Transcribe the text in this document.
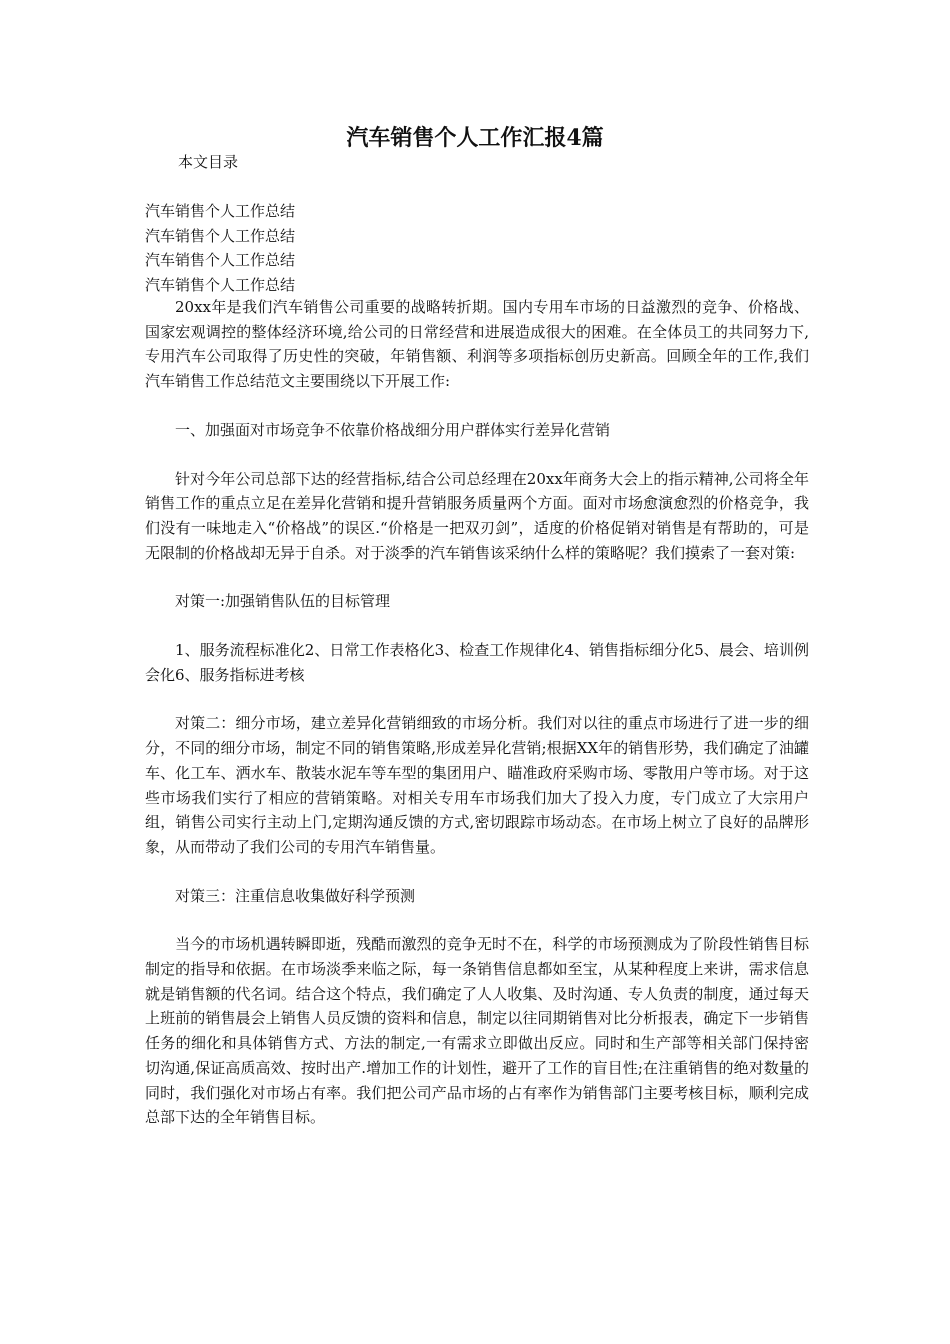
汽车销售个人工作汇报4篇
本文目录
汽车销售个人工作总结
汽车销售个人工作总结
汽车销售个人工作总结
汽车销售个人工作总结

20xx年是我们汽车销售公司重要的战略转折期。国内专用车市场的日益激烈的竞争、价格战、国家宏观调控的整体经济环境,给公司的日常经营和进展造成很大的困难。在全体员工的共同努力下,专用汽车公司取得了历史性的突破，年销售额、利润等多项指标创历史新高。回顾全年的工作,我们汽车销售工作总结范文主要围绕以下开展工作:

一、加强面对市场竞争不依靠价格战细分用户群体实行差异化营销

针对今年公司总部下达的经营指标,结合公司总经理在20xx年商务大会上的指示精神,公司将全年销售工作的重点立足在差异化营销和提升营销服务质量两个方面。面对市场愈演愈烈的价格竞争，我们没有一味地走入“价格战”的误区.“价格是一把双刃剑”，适度的价格促销对销售是有帮助的，可是无限制的价格战却无异于自杀。对于淡季的汽车销售该采纳什么样的策略呢？我们摸索了一套对策:

对策一:加强销售队伍的目标管理

1、服务流程标准化2、日常工作表格化3、检查工作规律化4、销售指标细分化5、晨会、培训例会化6、服务指标进考核

对策二：细分市场，建立差异化营销细致的市场分析。我们对以往的重点市场进行了进一步的细分，不同的细分市场，制定不同的销售策略,形成差异化营销;根据XX年的销售形势，我们确定了油罐车、化工车、洒水车、散装水泥车等车型的集团用户、瞄准政府采购市场、零散用户等市场。对于这些市场我们实行了相应的营销策略。对相关专用车市场我们加大了投入力度，专门成立了大宗用户组，销售公司实行主动上门,定期沟通反馈的方式,密切跟踪市场动态。在市场上树立了良好的品牌形象，从而带动了我们公司的专用汽车销售量。

对策三：注重信息收集做好科学预测

当今的市场机遇转瞬即逝，残酷而激烈的竞争无时不在，科学的市场预测成为了阶段性销售目标制定的指导和依据。在市场淡季来临之际，每一条销售信息都如至宝，从某种程度上来讲，需求信息就是销售额的代名词。结合这个特点，我们确定了人人收集、及时沟通、专人负责的制度，通过每天上班前的销售晨会上销售人员反馈的资料和信息，制定以往同期销售对比分析报表，确定下一步销售任务的细化和具体销售方式、方法的制定,一有需求立即做出反应。同时和生产部等相关部门保持密切沟通,保证高质高效、按时出产.增加工作的计划性，避开了工作的盲目性;在注重销售的绝对数量的同时，我们强化对市场占有率。我们把公司产品市场的占有率作为销售部门主要考核目标，顺利完成总部下达的全年销售目标。
